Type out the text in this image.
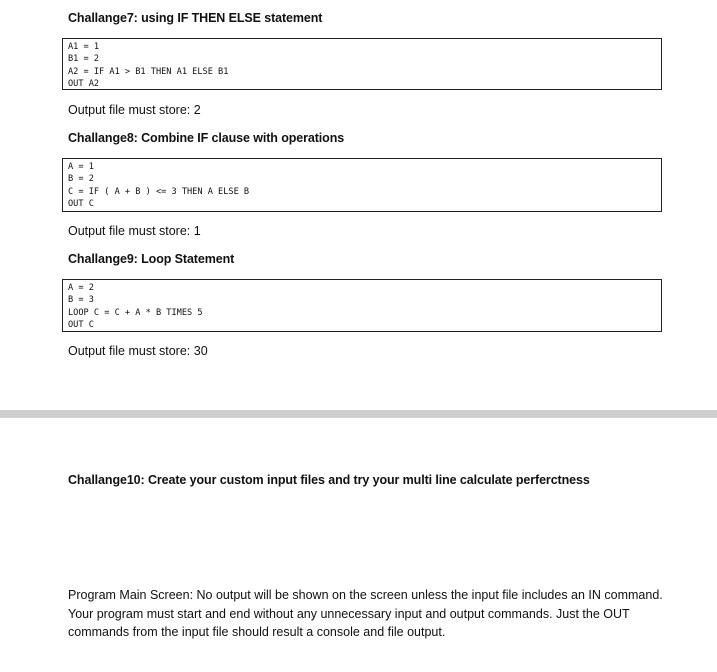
Challange7: using IF THEN ELSE statement
A1 = 1
B1 = 2
A2 = IF A1 > B1 THEN A1 ELSE B1
OUT A2
Output file must store: 2
Challange8: Combine IF clause with operations
A = 1
B = 2
C = IF ( A + B ) <= 3 THEN A ELSE B
OUT C
Output file must store: 1
Challange9: Loop Statement
A = 2
B = 3
LOOP C = C + A * B TIMES 5
OUT C
Output file must store: 30
Challange10: Create your custom input files and try your multi line calculate perferctness
Program Main Screen: No output will be shown on the screen unless the input file includes an IN command. Your program must start and end without any unnecessary input and output commands. Just the OUT commands from the input file should result a console and file output.
